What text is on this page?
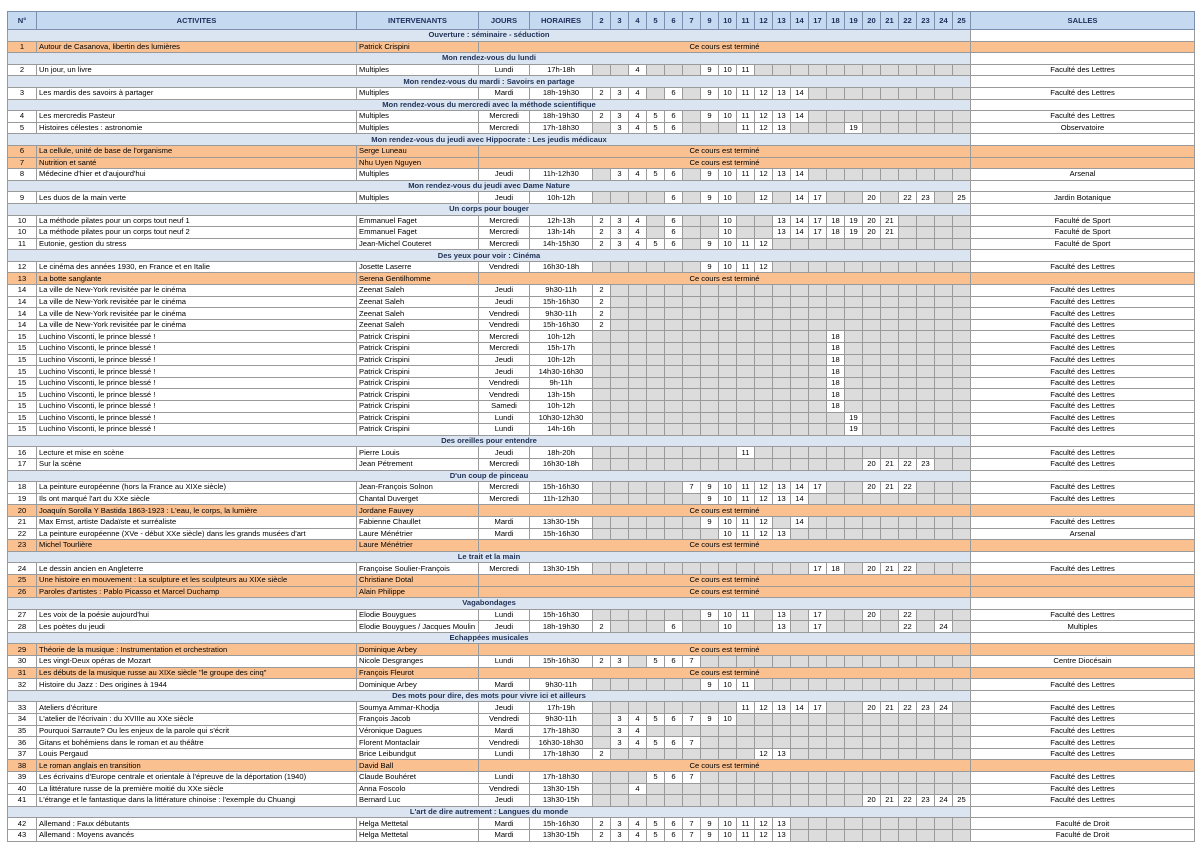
N°	ACTIVITES	INTERVENANTS	JOURS	HORAIRES	2	3	4	5	6	7	9	10	11	12	13	14	17	18	19	20	21	22	23	24	25	SALLES
Ouverture : séminaire - séduction																										
1	Autour de Casanova, libertin des lumières	Patrick Crispini	Ce cours est terminé																							
Mon rendez-vous du lundi																										
2	Un jour, un livre	Multiples	Lundi	17h-18h			4				9	10	11													Faculté des Lettres
Mon rendez-vous du mardi : Savoirs en partage																										
3	Les mardis des savoirs à partager	Multiples	Mardi	18h-19h30	2	3	4		6		9	10	11	12	13	14										Faculté des Lettres
Mon rendez-vous du mercredi avec la méthode scientifique																										
4	Les mercredis Pasteur	Multiples	Mercredi	18h-19h30	2	3	4	5	6		9	10	11	12	13	14										Faculté des Lettres
5	Histoires célestes : astronomie	Multiples	Mercredi	17h-18h30		3	4	5	6				11	12	13				19							Observatoire
Mon rendez-vous du jeudi avec Hippocrate : Les jeudis médicaux																										
6	La cellule, unité de base de l'organisme	Serge Luneau	Ce cours est terminé																							
7	Nutrition et santé	Nhu Uyen Nguyen	Ce cours est terminé																							
8	Médecine d'hier et d'aujourd'hui	Multiples	Jeudi	11h-12h30		3	4	5	6		9	10	11	12	13	14										Arsenal
Mon rendez-vous du jeudi avec Dame Nature																										
9	Les duos de la main verte	Multiples	Jeudi	10h-12h					6		9	10		12		14	17			20		22	23		25	Jardin Botanique
Un corps pour bouger																										
10	La méthode pilates pour un corps tout neuf 1	Emmanuel Faget	Mercredi	12h-13h	2	3	4		6			10			13	14	17	18	19	20	21					Faculté de Sport
10	La méthode pilates pour un corps tout neuf 2	Emmanuel Faget	Mercredi	13h-14h	2	3	4		6			10			13	14	17	18	19	20	21					Faculté de Sport
11	Eutonie, gestion du stress	Jean-Michel Couteret	Mercredi	14h-15h30	2	3	4	5	6		9	10	11	12												Faculté de Sport
Des yeux pour voir : Cinéma																										
12	Le cinéma des années 1930, en France et en Italie	Josette Laserre	Vendredi	16h30-18h							9	10	11	12												Faculté des Lettres
13	La botte sanglante	Serena Gentilhomme	Ce cours est terminé																							
14	La ville de New-York revisitée par le cinéma	Zeenat Saleh	Jeudi	9h30-11h	2																					Faculté des Lettres
14	La ville de New-York revisitée par le cinéma	Zeenat Saleh	Jeudi	15h-16h30	2																					Faculté des Lettres
14	La ville de New-York revisitée par le cinéma	Zeenat Saleh	Vendredi	9h30-11h	2																					Faculté des Lettres
14	La ville de New-York revisitée par le cinéma	Zeenat Saleh	Vendredi	15h-16h30	2																					Faculté des Lettres
15	Luchino Visconti, le prince blessé !	Patrick Crispini	Mercredi	10h-12h														18								Faculté des Lettres
15	Luchino Visconti, le prince blessé !	Patrick Crispini	Mercredi	15h-17h														18								Faculté des Lettres
15	Luchino Visconti, le prince blessé !	Patrick Crispini	Jeudi	10h-12h														18								Faculté des Lettres
15	Luchino Visconti, le prince blessé !	Patrick Crispini	Jeudi	14h30-16h30														18								Faculté des Lettres
15	Luchino Visconti, le prince blessé !	Patrick Crispini	Vendredi	9h-11h														18								Faculté des Lettres
15	Luchino Visconti, le prince blessé !	Patrick Crispini	Vendredi	13h-15h														18								Faculté des Lettres
15	Luchino Visconti, le prince blessé !	Patrick Crispini	Samedi	10h-12h														18								Faculté des Lettres
15	Luchino Visconti, le prince blessé !	Patrick Crispini	Lundi	10h30-12h30															19							Faculté des Lettres
15	Luchino Visconti, le prince blessé !	Patrick Crispini	Lundi	14h-16h															19							Faculté des Lettres
Des oreilles pour entendre																										
16	Lecture et mise en scène	Pierre Louis	Jeudi	18h-20h									11													Faculté des Lettres
17	Sur la scène	Jean Pétrement	Mercredi	16h30-18h																20	21	22	23			Faculté des Lettres
D'un coup de pinceau																										
18	La peinture européenne (hors la France au XIXe siècle)	Jean-François Solnon	Mercredi	15h-16h30						7	9	10	11	12	13	14	17			20	21	22				Faculté des Lettres
19	Ils ont marqué l'art du XXe siècle	Chantal Duverget	Mercredi	11h-12h30							9	10	11	12	13	14										Faculté des Lettres
20	Joaquín Sorolla Y Bastida 1863-1923 : L'eau, le corps, la lumière	Jordane Fauvey	Ce cours est terminé																							
21	Max Ernst, artiste Dadaïste et surréaliste	Fabienne Chaullet	Mardi	13h30-15h							9	10	11	12		14										Faculté des Lettres
22	La peinture européenne (XVe - début XXe siècle) dans les grands musées d'art	Laure Ménétrier	Mardi	15h-16h30								10	11	12	13											Arsenal
23	Michel Tourlière	Laure Ménétrier	Ce cours est terminé																							
Le trait et la main																										
24	Le dessin ancien en Angleterre	Françoise Soulier-François	Mercredi	13h30-15h													17	18		20	21	22				Faculté des Lettres
25	Une histoire en mouvement : La sculpture et les sculpteurs au XIXe siècle	Christiane Dotal	Ce cours est terminé																							
26	Paroles d'artistes : Pablo Picasso et Marcel Duchamp	Alain Philippe	Ce cours est terminé																							
Vagabondages																										
27	Les voix de la poésie aujourd'hui	Elodie Bouygues	Lundi	15h-16h30							9	10	11		13		17			20		22				Faculté des Lettres
28	Les poètes du jeudi	Elodie Bouygues / Jacques Moulin	Jeudi	18h-19h30	2				6			10			13		17					22		24		Multiples
Echappées musicales																										
29	Théorie de la musique : Instrumentation et orchestration	Dominique Arbey	Ce cours est terminé																							
30	Les vingt-Deux opéras de Mozart	Nicole Desgranges	Lundi	15h-16h30	2	3		5	6	7																Centre Diocésain
31	Les débuts de la musique russe au XIXe siècle "le groupe des cinq"	François Fleurot	Ce cours est terminé																							
32	Histoire du Jazz : Des origines à 1944	Dominique Arbey	Mardi	9h30-11h							9	10	11													Faculté des Lettres
Des mots pour dire, des mots pour vivre ici et ailleurs																										
33	Ateliers d'écriture	Soumya Ammar-Khodja	Jeudi	17h-19h									11	12	13	14	17			20	21	22	23	24		Faculté des Lettres
34	L'atelier de l'écrivain : du XVIIIe au XXe siècle	François Jacob	Vendredi	9h30-11h		3	4	5	6	7	9	10														Faculté des Lettres
35	Pourquoi Sarraute? Ou les enjeux de la parole qui s'écrit	Véronique Dagues	Mardi	17h-18h30		3	4																			Faculté des Lettres
36	Gitans et bohémiens dans le roman et au théâtre	Florent Montaclair	Vendredi	16h30-18h30		3	4	5	6	7																Faculté des Lettres
37	Louis Pergaud	Brice Leibundgut	Lundi	17h-18h30	2									12	13											Faculté des Lettres
38	Le roman anglais en transition	David Ball	Ce cours est terminé																							
39	Les écrivains d'Europe centrale et orientale à l'épreuve de la déportation (1940)	Claude Bouhéret	Lundi	17h-18h30				5	6	7																Faculté des Lettres
40	La littérature russe de la première moitié du XXe siècle	Anna Foscolo	Vendredi	13h30-15h			4																			Faculté des Lettres
41	L'étrange et le fantastique dans la littérature chinoise : l'exemple du Chuangi	Bernard Luc	Jeudi	13h30-15h																20	21	22	23	24	25	Faculté des Lettres
L'art de dire autrement : Langues du monde																										
42	Allemand : Faux débutants	Helga Mettetal	Mardi	15h-16h30	2	3	4	5	6	7	9	10	11	12	13											Faculté de Droit
43	Allemand : Moyens avancés	Helga Mettetal	Mardi	13h30-15h	2	3	4	5	6	7	9	10	11	12	13											Faculté de Droit
